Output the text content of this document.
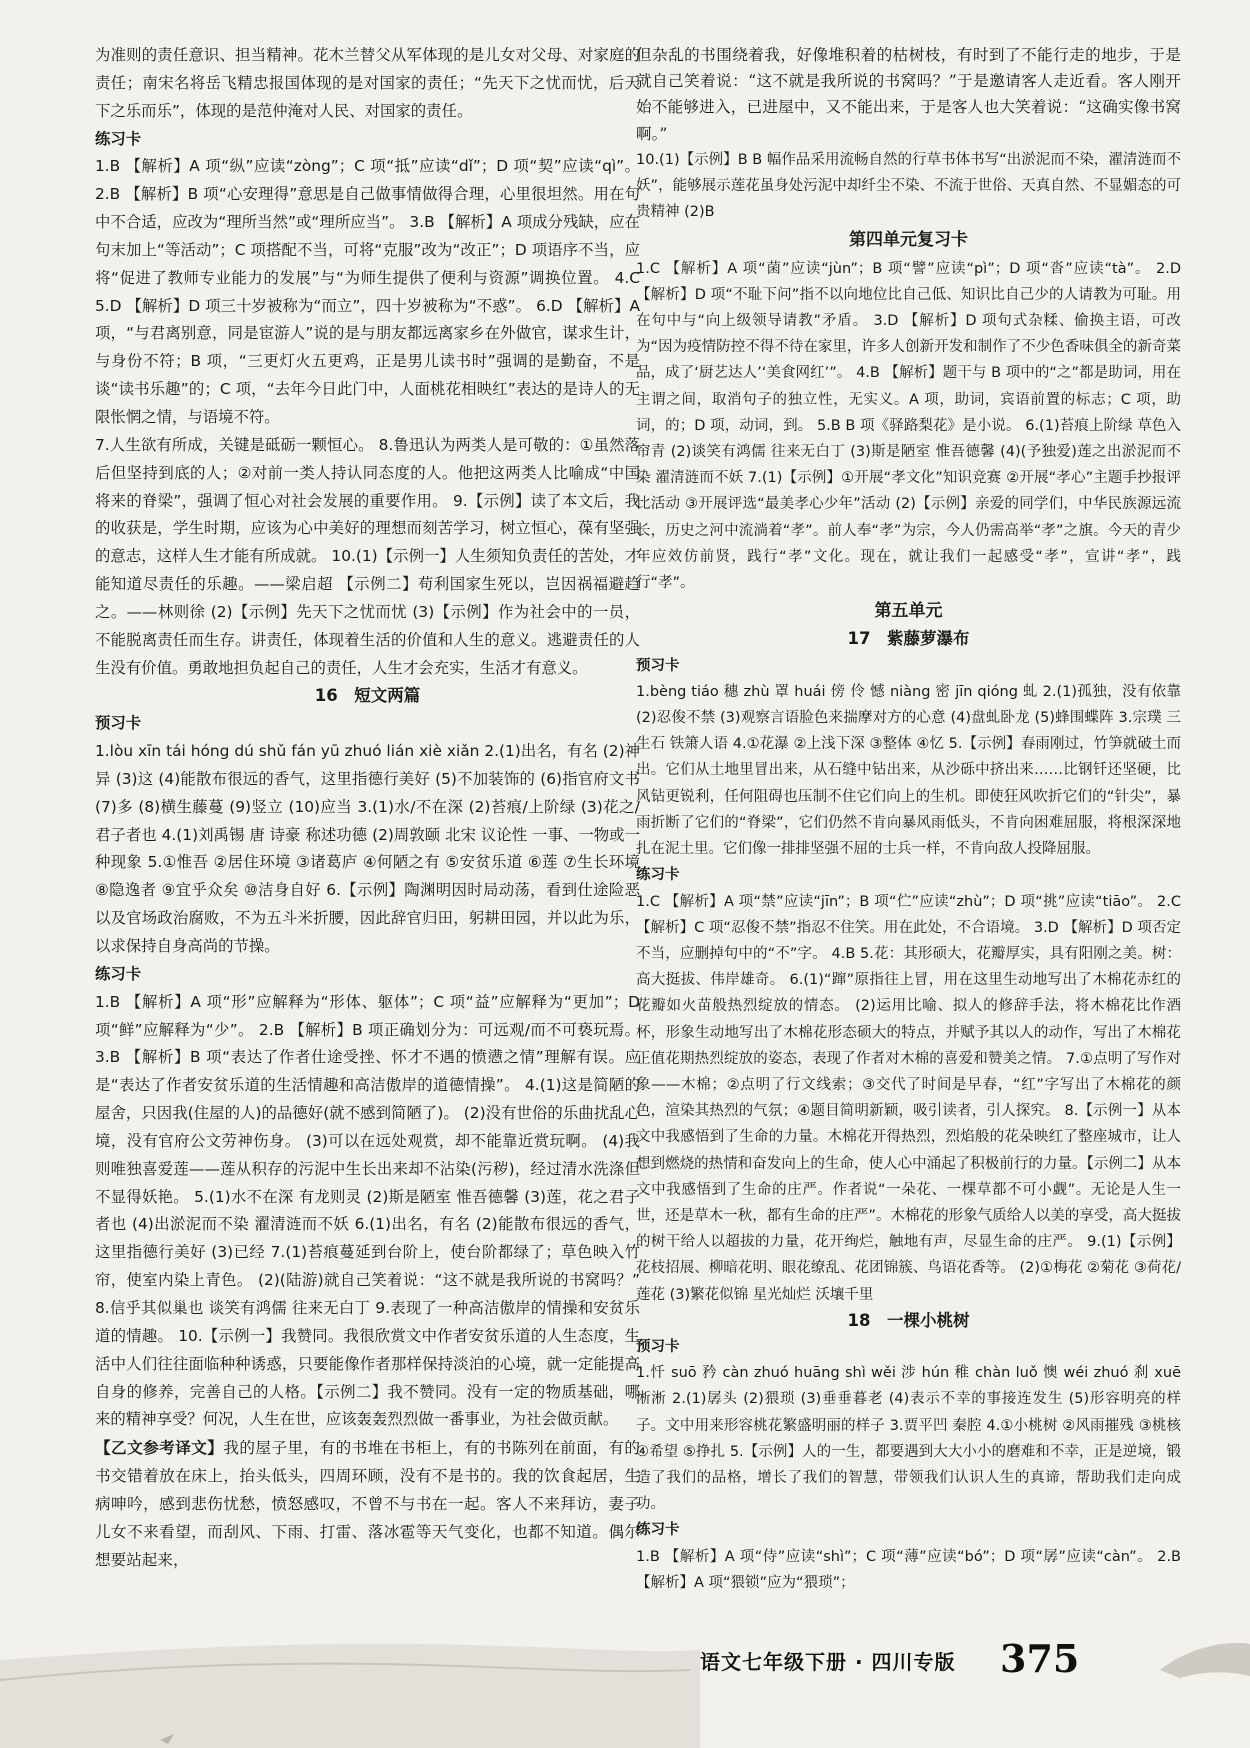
为准则的责任意识、担当精神。花木兰替父从军体现的是儿女对父母、对家庭的责任；南宋名将岳飞精忠报国体现的是对国家的责任；“先天下之忧而忧，后天下之乐而乐”，体现的是范仲淹对人民、对国家的责任。

练习卡

1.B 【解析】A 项“纵”应读“zòng”；C 项“抵”应读“dǐ”；D 项“契”应读“qì”。 2.B 【解析】B 项“心安理得”意思是自己做事情做得合理，心里很坦然。用在句中不合适，应改为“理所当然”或“理所应当”。 3.B 【解析】A 项成分残缺，应在句末加上“等活动”；C 项搭配不当，可将“克服”改为“改正”；D 项语序不当，应将“促进了教师专业能力的发展”与“为师生提供了便利与资源”调换位置。 4.C 5.D 【解析】D 项三十岁被称为“而立”，四十岁被称为“不惑”。 6.D 【解析】A 项，“与君离别意，同是宦游人”说的是与朋友都远离家乡在外做官，谋求生计，与身份不符；B 项，“三更灯火五更鸡，正是男儿读书时”强调的是勤奋，不是谈“读书乐趣”的；C 项，“去年今日此门中，人面桃花相映红”表达的是诗人的无限怅惘之情，与语境不符。

7.人生欲有所成，关键是砥砺一颗恒心。 8.鲁迅认为两类人是可敬的：①虽然落后但坚持到底的人；②对前一类人持认同态度的人。他把这两类人比喻成“中国将来的脊梁”，强调了恒心对社会发展的重要作用。 9.【示例】读了本文后，我的收获是，学生时期，应该为心中美好的理想而刻苦学习，树立恒心，葆有坚强的意志，这样人生才能有所成就。 10.(1)【示例一】人生须知负责任的苦处，才能知道尽责任的乐趣。——梁启超 【示例二】苟利国家生死以，岂因祸福避趋之。——林则徐 (2)【示例】先天下之忧而忧 (3)【示例】作为社会中的一员，不能脱离责任而生存。讲责任，体现着生活的价值和人生的意义。逃避责任的人生没有价值。勇敢地担负起自己的责任，人生才会充实，生活才有意义。

16　短文两篇

预习卡

1.lòu xīn tái hóng dú shǔ fán yū zhuó lián xiè xiǎn 2.(1)出名，有名 (2)神异 (3)这 (4)能散布很远的香气，这里指德行美好 (5)不加装饰的 (6)指官府文书 (7)多 (8)横生藤蔓 (9)竖立 (10)应当 3.(1)水/不在深 (2)苔痕/上阶绿 (3)花之/君子者也 4.(1)刘禹锡 唐 诗豪 称述功德 (2)周敦颐 北宋 议论性 一事、一物或一种现象 5.①惟吾 ②居住环境 ③诸葛庐 ④何陋之有 ⑤安贫乐道 ⑥莲 ⑦生长环境 ⑧隐逸者 ⑨宜乎众矣 ⑩洁身自好 6.【示例】陶渊明因时局动荡，看到仕途险恶以及官场政治腐败，不为五斗米折腰，因此辞官归田，躬耕田园，并以此为乐，以求保持自身高尚的节操。

练习卡

1.B 【解析】A 项“形”应解释为“形体、躯体”；C 项“益”应解释为“更加”；D 项“鲜”应解释为“少”。 2.B 【解析】B 项正确划分为：可远观/而不可亵玩焉。 3.B 【解析】B 项“表达了作者仕途受挫、怀才不遇的愤懑之情”理解有误。应是“表达了作者安贫乐道的生活情趣和高洁傲岸的道德情操”。 4.(1)这是简陋的屋舍，只因我(住屋的人)的品德好(就不感到简陋了)。 (2)没有世俗的乐曲扰乱心境，没有官府公文劳神伤身。 (3)可以在远处观赏，却不能靠近赏玩啊。 (4)我则唯独喜爱莲——莲从积存的污泥中生长出来却不沾染(污秽)，经过清水洗涤但不显得妖艳。 5.(1)水不在深 有龙则灵 (2)斯是陋室 惟吾德馨 (3)莲，花之君子者也 (4)出淤泥而不染 濯清涟而不妖 6.(1)出名，有名 (2)能散布很远的香气，这里指德行美好 (3)已经 7.(1)苔痕蔓延到台阶上，使台阶都绿了；草色映入竹帘，使室内染上青色。 (2)(陆游)就自己笑着说：“这不就是我所说的书窝吗？” 8.信乎其似巢也 谈笑有鸿儒 往来无白丁 9.表现了一种高洁傲岸的情操和安贫乐道的情趣。 10.【示例一】我赞同。我很欣赏文中作者安贫乐道的人生态度，生活中人们往往面临种种诱惑，只要能像作者那样保持淡泊的心境，就一定能提高自身的修养，完善自己的人格。【示例二】我不赞同。没有一定的物质基础，哪来的精神享受？何况，人生在世，应该轰轰烈烈做一番事业，为社会做贡献。

【乙文参考译文】我的屋子里，有的书堆在书柜上，有的书陈列在前面，有的书交错着放在床上，抬头低头，四周环顾，没有不是书的。我的饮食起居，生病呻吟，感到悲伤忧愁，愤怒感叹，不曾不与书在一起。客人不来拜访，妻子儿女不来看望，而刮风、下雨、打雷、落冰雹等天气变化，也都不知道。偶尔想要站起来，

但杂乱的书围绕着我，好像堆积着的枯树枝，有时到了不能行走的地步，于是就自己笑着说：“这不就是我所说的书窝吗？”于是邀请客人走近看。客人刚开始不能够进入，已进屋中，又不能出来，于是客人也大笑着说：“这确实像书窝啊。”

10.(1)【示例】B B 幅作品采用流畅自然的行草书体书写“出淤泥而不染，濯清涟而不妖”，能够展示莲花虽身处污泥中却纤尘不染、不流于世俗、天真自然、不显媚态的可贵精神 (2)B

第四单元复习卡

1.C 【解析】A 项“菌”应读“jùn”；B 项“譬”应读“pì”；D 项“沓”应读“tà”。 2.D 【解析】D 项“不耻下问”指不以向地位比自己低、知识比自己少的人请教为可耻。用在句中与“向上级领导请教”矛盾。 3.D 【解析】D 项句式杂糅、偷换主语，可改为“因为疫情防控不得不待在家里，许多人创新开发和制作了不少色香味俱全的新奇菜品，成了‘厨艺达人’‘美食网红’”。 4.B 【解析】题干与 B 项中的“之”都是助词，用在主谓之间，取消句子的独立性，无实义。A 项，助词，宾语前置的标志；C 项，助词，的；D 项，动词，到。 5.B B 项《驿路梨花》是小说。 6.(1)苔痕上阶绿 草色入帘青 (2)谈笑有鸿儒 往来无白丁 (3)斯是陋室 惟吾德馨 (4)(予独爱)莲之出淤泥而不染 濯清涟而不妖 7.(1)【示例】①开展“孝文化”知识竞赛 ②开展“孝心”主题手抄报评比活动 ③开展评选“最美孝心少年”活动 (2)【示例】亲爱的同学们，中华民族源远流长，历史之河中流淌着“孝”。前人奉“孝”为宗，今人仍需高举“孝”之旗。今天的青少年应效仿前贤，践行“孝”文化。现在，就让我们一起感受“孝”，宣讲“孝”，践行“孝”。

第五单元

17　紫藤萝瀑布

预习卡

1.bèng tiáo 穗 zhù 罩 huái 傍 伶 憾 niàng 密 jīn qióng 虬 2.(1)孤独，没有依靠 (2)忍俊不禁 (3)观察言语脸色来揣摩对方的心意 (4)盘虬卧龙 (5)蜂围蝶阵 3.宗璞 三生石 铁箫人语 4.①花瀑 ②上浅下深 ③整体 ④忆 5.【示例】春雨刚过，竹笋就破土而出。它们从土地里冒出来，从石缝中钻出来，从沙砾中挤出来……比钢钎还坚硬，比风钻更锐利，任何阻碍也压制不住它们向上的生机。即使狂风吹折它们的“针尖”，暴雨折断了它们的“脊梁”，它们仍然不肯向暴风雨低头，不肯向困难屈服，将根深深地扎在泥土里。它们像一排排坚强不屈的士兵一样，不肯向敌人投降屈服。

练习卡

1.C 【解析】A 项“禁”应读“jīn”；B 项“伫”应读“zhù”；D 项“挑”应读“tiāo”。 2.C 【解析】C 项“忍俊不禁”指忍不住笑。用在此处，不合语境。 3.D 【解析】D 项否定不当，应删掉句中的“不”字。 4.B 5.花：其形硕大，花瓣厚实，具有阳刚之美。树：高大挺拔、伟岸雄奇。 6.(1)“蹿”原指往上冒，用在这里生动地写出了木棉花赤红的花瓣如火苗般热烈绽放的情态。 (2)运用比喻、拟人的修辞手法，将木棉花比作酒杯，形象生动地写出了木棉花形态硕大的特点，并赋予其以人的动作，写出了木棉花正值花期热烈绽放的姿态，表现了作者对木棉的喜爱和赞美之情。 7.①点明了写作对象——木棉；②点明了行文线索；③交代了时间是早春，“红”字写出了木棉花的颜色，渲染其热烈的气氛；④题目简明新颖，吸引读者，引人探究。 8.【示例一】从本文中我感悟到了生命的力量。木棉花开得热烈，烈焰般的花朵映红了整座城市，让人想到燃烧的热情和奋发向上的生命，使人心中涌起了积极前行的力量。【示例二】从本文中我感悟到了生命的庄严。作者说“一朵花、一棵草都不可小觑”。无论是人生一世，还是草木一秋，都有生命的庄严”。木棉花的形象气质给人以美的享受，高大挺拔的树干给人以超拔的力量，花开绚烂，触地有声，尽显生命的庄严。 9.(1)【示例】花枝招展、柳暗花明、眼花缭乱、花团锦簇、鸟语花香等。 (2)①梅花 ②菊花 ③荷花/莲花 (3)繁花似锦 星光灿烂 沃壤千里

18　一棵小桃树

预习卡

1.忏 suō 矜 càn zhuó huāng shì wěi 涉 hún 稚 chàn luǒ 懊 wéi zhuó 刹 xuē 淅淅 2.(1)孱头 (2)猥琐 (3)垂垂暮老 (4)表示不幸的事接连发生 (5)形容明亮的样子。文中用来形容桃花繁盛明丽的样子 3.贾平凹 秦腔 4.①小桃树 ②风雨摧残 ③桃核 ④希望 ⑤挣扎 5.【示例】人的一生，都要遇到大大小小的磨难和不幸，正是逆境，锻造了我们的品格，增长了我们的智慧，带领我们认识人生的真谛，帮助我们走向成功。

练习卡

1.B 【解析】A 项“侍”应读“shì”；C 项“薄”应读“bó”；D 项“孱”应读“càn”。 2.B 【解析】A 项“猥锁”应为“猥琐”；

语文七年级下册 · 四川专版 375
